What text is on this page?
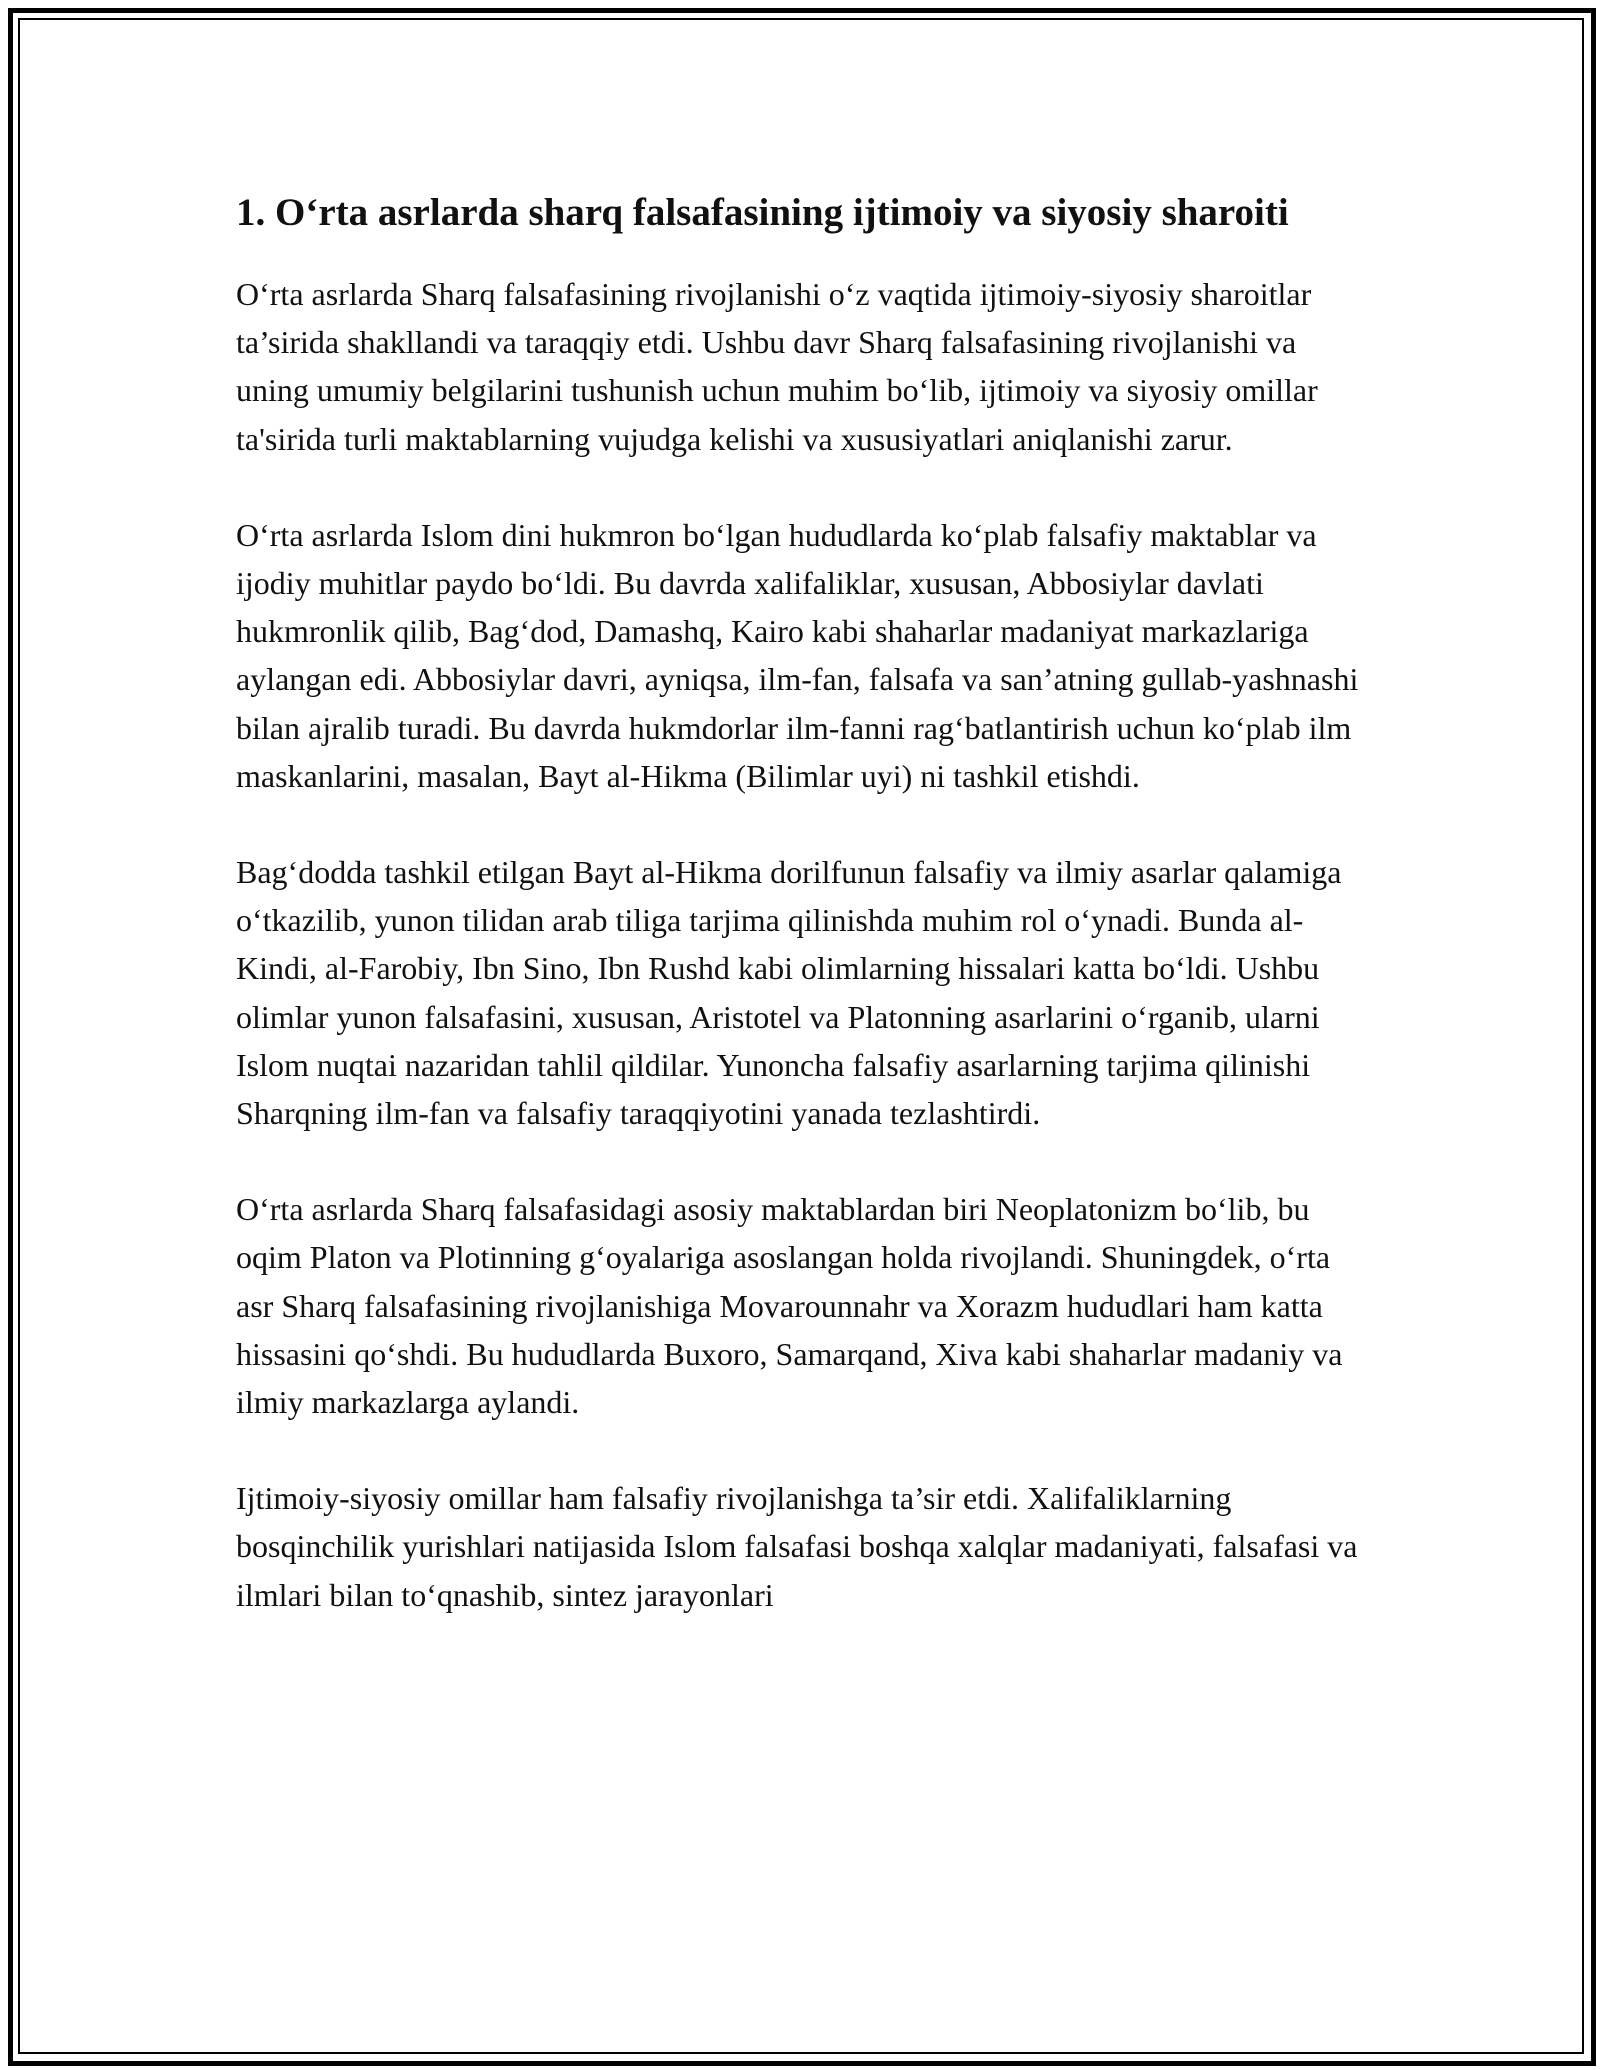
1. O‘rta asrlarda sharq falsafasining ijtimoiy va siyosiy sharoiti

O‘rta asrlarda Sharq falsafasining rivojlanishi o‘z vaqtida ijtimoiy-siyosiy sharoitlar ta’sirida shakllandi va taraqqiy etdi. Ushbu davr Sharq falsafasining rivojlanishi va uning umumiy belgilarini tushunish uchun muhim bo‘lib, ijtimoiy va siyosiy omillar ta'sirida turli maktablarning vujudga kelishi va xususiyatlari aniqlanishi zarur.

O‘rta asrlarda Islom dini hukmron bo‘lgan hududlarda ko‘plab falsafiy maktablar va ijodiy muhitlar paydo bo‘ldi. Bu davrda xalifaliklar, xususan, Abbosiylar davlati hukmronlik qilib, Bag‘dod, Damashq, Kairo kabi shaharlar madaniyat markazlariga aylangan edi. Abbosiylar davri, ayniqsa, ilm-fan, falsafa va san’atning gullab-yashnashi bilan ajralib turadi. Bu davrda hukmdorlar ilm-fanni rag‘batlantirish uchun ko‘plab ilm maskanlarini, masalan, Bayt al-Hikma (Bilimlar uyi) ni tashkil etishdi.

Bag‘dodda tashkil etilgan Bayt al-Hikma dorilfunun falsafiy va ilmiy asarlar qalamiga o‘tkazilib, yunon tilidan arab tiliga tarjima qilinishda muhim rol o‘ynadi. Bunda al-Kindi, al-Farobiy, Ibn Sino, Ibn Rushd kabi olimlarning hissalari katta bo‘ldi. Ushbu olimlar yunon falsafasini, xususan, Aristotel va Platonning asarlarini o‘rganib, ularni Islom nuqtai nazaridan tahlil qildilar. Yunoncha falsafiy asarlarning tarjima qilinishi Sharqning ilm-fan va falsafiy taraqqiyotini yanada tezlashtirdi.

O‘rta asrlarda Sharq falsafasidagi asosiy maktablardan biri Neoplatonizm bo‘lib, bu oqim Platon va Plotinning g‘oyalariga asoslangan holda rivojlandi. Shuningdek, o‘rta asr Sharq falsafasining rivojlanishiga Movarounnahr va Xorazm hududlari ham katta hissasini qo‘shdi. Bu hududlarda Buxoro, Samarqand, Xiva kabi shaharlar madaniy va ilmiy markazlarga aylandi.

Ijtimoiy-siyosiy omillar ham falsafiy rivojlanishga ta’sir etdi. Xalifaliklarning bosqinchilik yurishlari natijasida Islom falsafasi boshqa xalqlar madaniyati, falsafasi va ilmlari bilan to‘qnashib, sintez jarayonlari
